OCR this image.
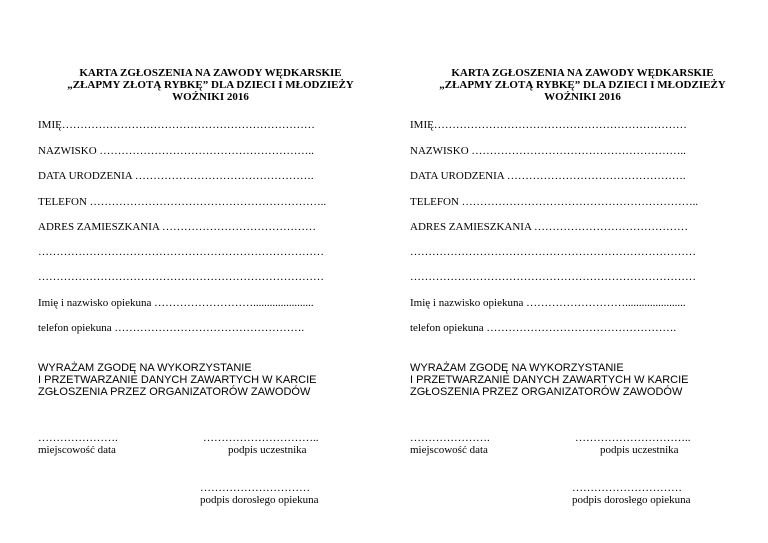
KARTA ZGŁOSZENIA NA ZAWODY WĘDKARSKIE
„ZŁAPMY ZŁOTĄ RYBKĘ” DLA DZIECI I MŁODZIEŻY
WOŹNIKI 2016
IMIĘ……………………………………………………………
NAZWISKO …………………………………………………..
DATA URODZENIA ………………………………………….
TELEFON ………………………………………………………..
ADRES ZAMIESZKANIA ……………………………………
……………………………………………………………………
……………………………………………………………………
Imię i nazwisko opiekuna ………………………......................
telefon opiekuna …………………………………………….
WYRAŻAM ZGODĘ NA WYKORZYSTANIE
I PRZETWARZANIE DANYCH ZAWARTYCH W KARCIE
ZGŁOSZENIA PRZEZ ORGANIZATORÓW ZAWODÓW
………………….
miejscowość data
…………………………..
podpis uczestnika
…………………………
podpis dorosłego opiekuna
KARTA ZGŁOSZENIA NA ZAWODY WĘDKARSKIE
„ZŁAPMY ZŁOTĄ RYBKĘ” DLA DZIECI I MŁODZIEŻY
WOŹNIKI 2016
IMIĘ……………………………………………………………
NAZWISKO …………………………………………………..
DATA URODZENIA ………………………………………….
TELEFON ………………………………………………………..
ADRES ZAMIESZKANIA ……………………………………
……………………………………………………………………
……………………………………………………………………
Imię i nazwisko opiekuna ………………………......................
telefon opiekuna …………………………………………….
WYRAŻAM ZGODĘ NA WYKORZYSTANIE
I PRZETWARZANIE DANYCH ZAWARTYCH W KARCIE
ZGŁOSZENIA PRZEZ ORGANIZATORÓW ZAWODÓW
………………….
miejscowość data
…………………………..
podpis uczestnika
…………………………
podpis dorosłego opiekuna
